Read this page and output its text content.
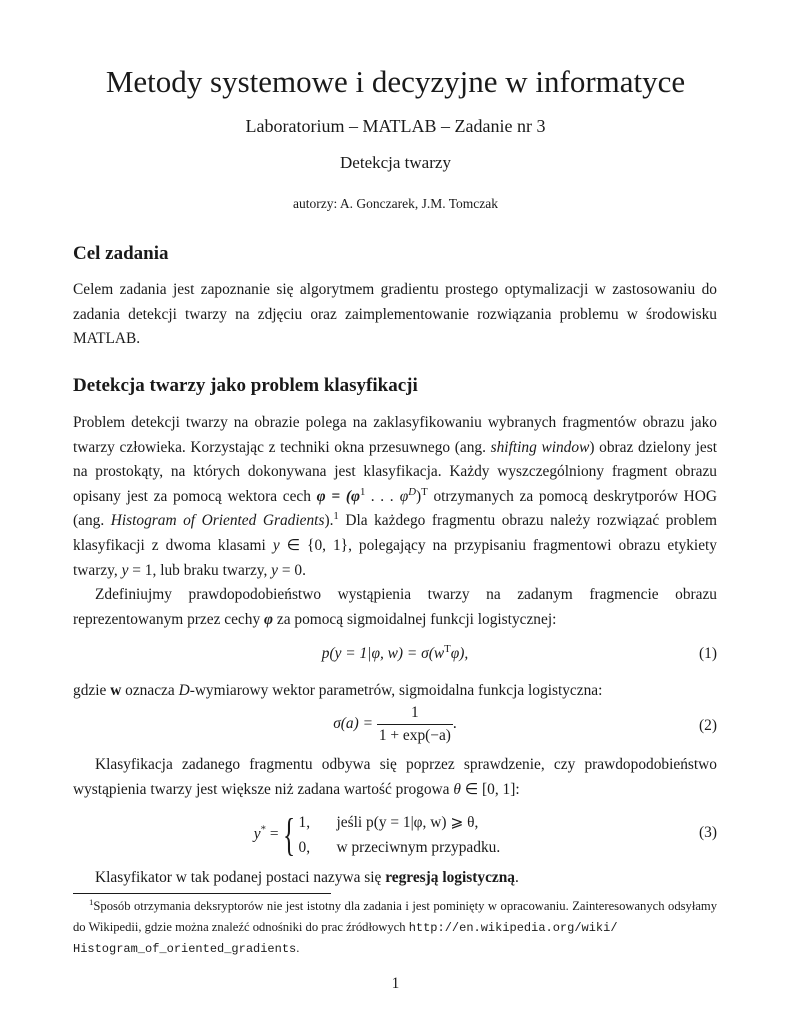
Metody systemowe i decyzyjne w informatyce
Laboratorium – MATLAB – Zadanie nr 3
Detekcja twarzy
autorzy: A. Gonczarek, J.M. Tomczak
Cel zadania
Celem zadania jest zapoznanie się algorytmem gradientu prostego optymalizacji w zastosowaniu do zadania detekcji twarzy na zdjęciu oraz zaimplementowanie rozwiązania problemu w środowisku MATLAB.
Detekcja twarzy jako problem klasyfikacji
Problem detekcji twarzy na obrazie polega na zaklasyfikowaniu wybranych fragmentów obrazu jako twarzy człowieka. Korzystając z techniki okna przesuwnego (ang. shifting window) obraz dzielony jest na prostokąty, na których dokonywana jest klasyfikacja. Każdy wyszczególniony fragment obrazu opisany jest za pomocą wektora cech $\varphi = (\varphi^1$ . . . $\varphi^D)^T$ otrzymanych za pomocą deskrytporów HOG (ang. Histogram of Oriented Gradients).$^1$ Dla każdego fragmentu obrazu należy rozwiązać problem klasyfikacji z dwoma klasami y ∈ {0, 1}, polegający na przypisaniu fragmentowi obrazu etykiety twarzy, y = 1, lub braku twarzy, y = 0.
Zdefiniujmy prawdopodobieństwo wystąpienia twarzy na zadanym fragmencie obrazu reprezentowanym przez cechy φ za pomocą sigmoidalnej funkcji logistycznej:
p(y = 1|φ, $w) = \sigma(w^T\varphi)$,	(1)
gdzie w oznacza D-wymiarowy wektor parametrów, sigmoidalna funkcja logistyczna:
$\sigma(a) = \frac{1}{1 + \exp(-a)}$ .	(2)
Klasyfikacja zadanego fragmentu odbywa się poprzez sprawdzenie, czy prawdopodobieństwo wystąpienia twarzy jest większe niż zadana wartość progowa θ ∈ [0, 1]:
y* = { 1, jeśli p(y = 1|φ, w) ⩾ θ,
0, w przeciwnym przypadku.
(3)
Klasyfikator w tak podanej postaci nazywa się regresją logistyczną.
$^1$Sposób otrzymania deksryptorów nie jest istotny dla zadania i jest pominięty w opracowaniu. Zainteresowanych odsyłamy do Wikipedii, gdzie można znaleźć odnośniki do prac źródłowych http://en.wikipedia.org/wiki/
Histogram_of_oriented_gradients.
1
